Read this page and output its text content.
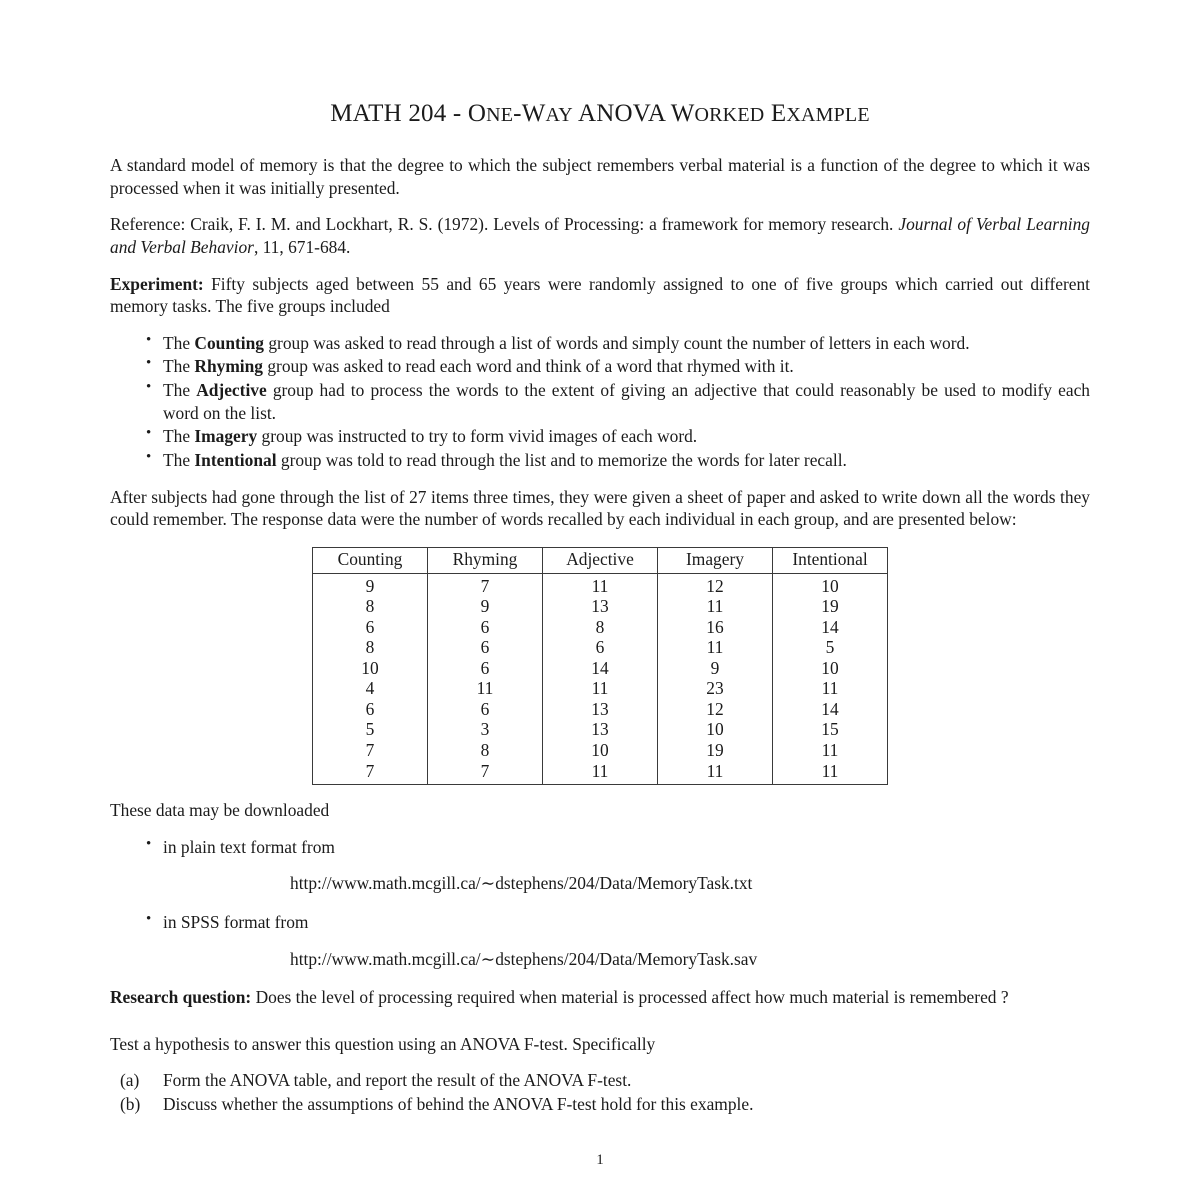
MATH 204 - ONE-WAY ANOVA WORKED EXAMPLE

A standard model of memory is that the degree to which the subject remembers verbal material is a function of the degree to which it was processed when it was initially presented.

Reference: Craik, F. I. M. and Lockhart, R. S. (1972). Levels of Processing: a framework for memory research. Journal of Verbal Learning and Verbal Behavior, 11, 671-684.

Experiment: Fifty subjects aged between 55 and 65 years were randomly assigned to one of five groups which carried out different memory tasks. The five groups included

• The Counting group was asked to read through a list of words and simply count the number of letters in each word.
• The Rhyming group was asked to read each word and think of a word that rhymed with it.
• The Adjective group had to process the words to the extent of giving an adjective that could reasonably be used to modify each word on the list.
• The Imagery group was instructed to try to form vivid images of each word.
• The Intentional group was told to read through the list and to memorize the words for later recall.

After subjects had gone through the list of 27 items three times, they were given a sheet of paper and asked to write down all the words they could remember. The response data were the number of words recalled by each individual in each group, and are presented below:

Counting	Rhyming	Adjective	Imagery	Intentional
9	7	11	12	10
8	9	13	11	19
6	6	8	16	14
8	6	6	11	5
10	6	14	9	10
4	11	11	23	11
6	6	13	12	14
5	3	13	10	15
7	8	10	19	11
7	7	11	11	11

These data may be downloaded

• in plain text format from
http://www.math.mcgill.ca/∼dstephens/204/Data/MemoryTask.txt
• in SPSS format from
http://www.math.mcgill.ca/∼dstephens/204/Data/MemoryTask.sav

Research question: Does the level of processing required when material is processed affect how much material is remembered ?

Test a hypothesis to answer this question using an ANOVA F-test. Specifically

(a) Form the ANOVA table, and report the result of the ANOVA F-test.
(b) Discuss whether the assumptions of behind the ANOVA F-test hold for this example.
1
